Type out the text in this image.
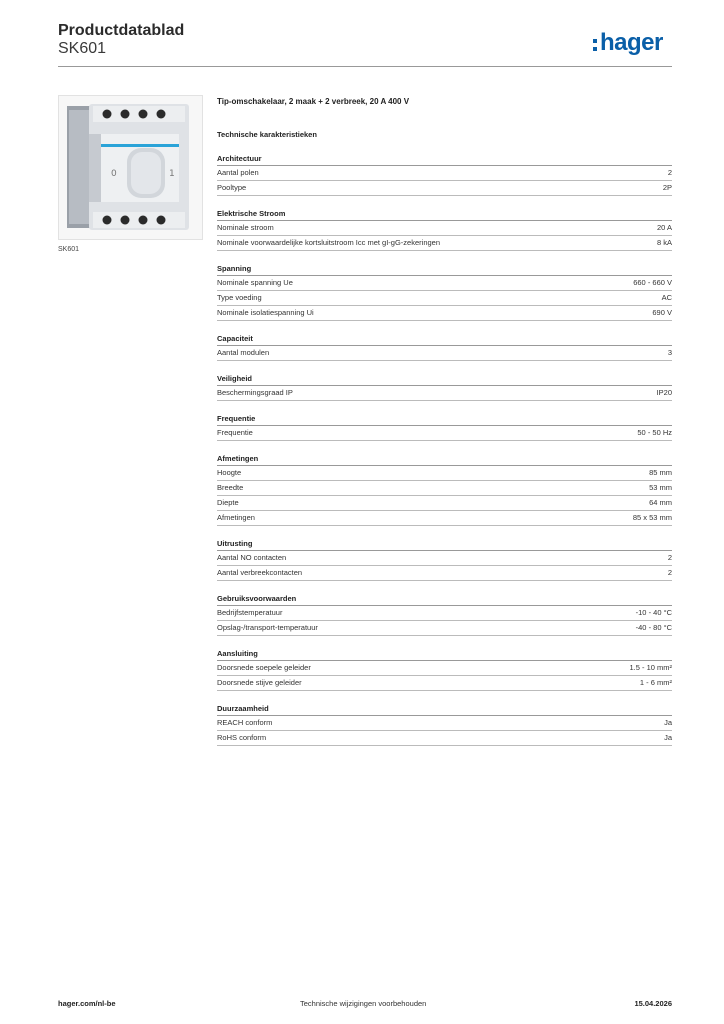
Productdatablad
SK601	hager
0	1
SK601
Tip-omschakelaar, 2 maak + 2 verbreek, 20 A 400 V
Technische karakteristieken
Architectuur
Aantal polen	2
Pooltype	2P
Elektrische Stroom
Nominale stroom	20 A
Nominale voorwaardelijke kortsluitstroom Icc met gI-gG-zekeringen	8 kA
Spanning
Nominale spanning Ue	660 - 660 V
Type voeding	AC
Nominale isolatiespanning Ui	690 V
Capaciteit
Aantal modulen	3
Veiligheid
Beschermingsgraad IP	IP20
Frequentie
Frequentie	50 - 50 Hz
Afmetingen
Hoogte	85 mm
Breedte	53 mm
Diepte	64 mm
Afmetingen	85 x 53 mm
Uitrusting
Aantal NO contacten	2
Aantal verbreekcontacten	2
Gebruiksvoorwaarden
Bedrijfstemperatuur	-10 - 40 °C
Opslag-/transport-temperatuur	-40 - 80 °C
Aansluiting
Doorsnede soepele geleider	1.5 - 10 mm²
Doorsnede stijve geleider	1 - 6 mm²
Duurzaamheid
REACH conform	Ja
RoHS conform	Ja
hager.com/nl-be	Technische wijzigingen voorbehouden	15.04.2026
